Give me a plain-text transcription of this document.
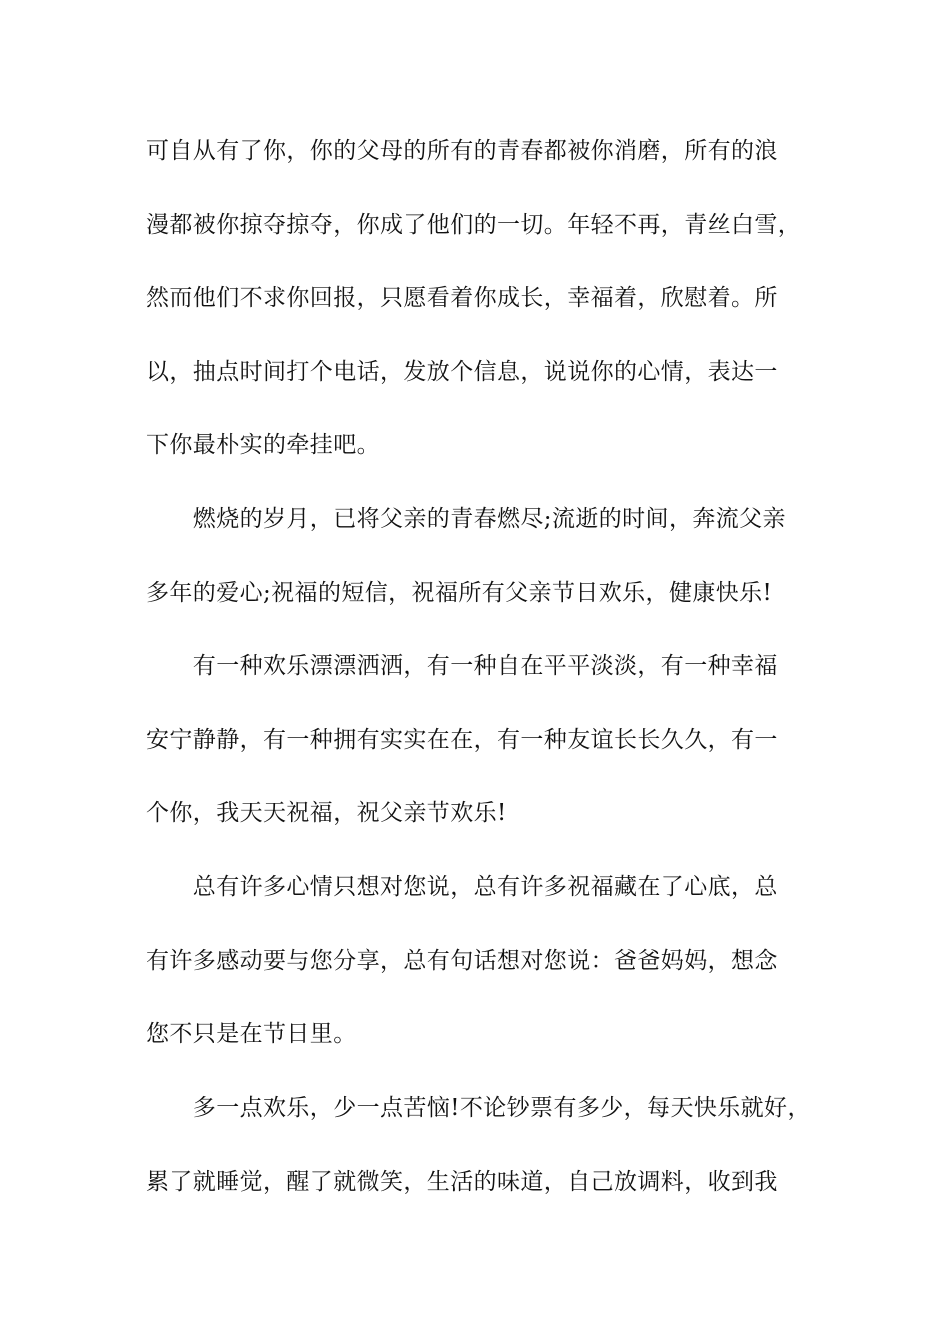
可自从有了你，你的父母的所有的青春都被你消磨，所有的浪
漫都被你掠夺掠夺，你成了他们的一切。年轻不再，青丝白雪，
然而他们不求你回报，只愿看着你成长，幸福着，欣慰着。所
以，抽点时间打个电话，发放个信息，说说你的心情，表达一
下你最朴实的牵挂吧。
　　燃烧的岁月，已将父亲的青春燃尽;流逝的时间，奔流父亲
多年的爱心;祝福的短信，祝福所有父亲节日欢乐，健康快乐!
　　有一种欢乐漂漂洒洒，有一种自在平平淡淡，有一种幸福
安宁静静，有一种拥有实实在在，有一种友谊长长久久，有一
个你，我天天祝福，祝父亲节欢乐!
　　总有许多心情只想对您说，总有许多祝福藏在了心底，总
有许多感动要与您分享，总有句话想对您说：爸爸妈妈，想念
您不只是在节日里。
　　多一点欢乐，少一点苦恼!不论钞票有多少，每天快乐就好，
累了就睡觉，醒了就微笑，生活的味道，自己放调料，收到我
